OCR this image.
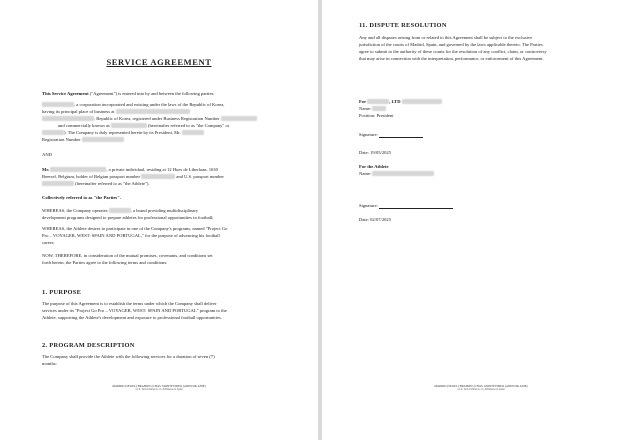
SERVICE AGREEMENT
This Service Agreement ("Agreement") is entered into by and between the following parties:
, a corporation incorporated and existing under the laws of the Republic of Korea,
having its principal place of business at
, Republic of Korea, registered under Business Registration Number
and commercially known as	(hereinafter referred to as "the Company" or
). The Company is duly represented herein by its President, Mr.
Registration Number
AND
Mr.	, a private individual, residing at 12 Hoes de Liberlaan, 1630
Beersel, Belgium, holder of Belgian passport number	and U.S. passport number
(hereinafter referred to as "the Athlete").
Collectively referred to as "the Parties".
WHEREAS, the Company operates	, a brand providing multidisciplinary
development programs designed to prepare athletes for professional opportunities in football;
WHEREAS, the Athlete desires to participate in one of the Company's programs, named "Project Go
Pro – VOYAGER, WEST: SPAIN AND PORTUGAL," for the purpose of advancing his football
career;
NOW, THEREFORE, in consideration of the mutual promises, covenants, and conditions set
forth herein, the Parties agree to the following terms and conditions:
1. PURPOSE
The purpose of this Agreement is to establish the terms under which the Company shall deliver
services under its "Project Go Pro – VOYAGER, WEST: SPAIN AND PORTUGAL" program to the
Athlete, supporting the Athlete's development and exposure to professional football opportunities.
2. PROGRAM DESCRIPTION
The Company shall provide the Athlete with the following services for a duration of seven (7)
months:
MADRID (SEOUL) BRAHOW (CHAS, MONTEVIDEO (ANDVOK ANIE)
a.Cd: Tech Limited to a lo Embnesse la Spain
11. DISPUTE RESOLUTION
Any and all disputes arising from or related to this Agreement shall be subject to the exclusive
jurisdiction of the courts of Madrid, Spain, and governed by the laws applicable thereto. The Parties
agree to submit to the authority of these courts for the resolution of any conflict, claim, or controversy
that may arise in connection with the interpretation, performance, or enforcement of this Agreement.
For	, LTD
Name:
Position: President
Signature:
Date: 19/05/2025
For the Athlete
Name:
Signature:
Date: 02/07/2025
MADRID (SEOUL) BRAHOW (CHAS, MONTEVIDEO (ANDVOK ANIE)
a.Cd: Tech Limited to a lo Embnesse la Spain
